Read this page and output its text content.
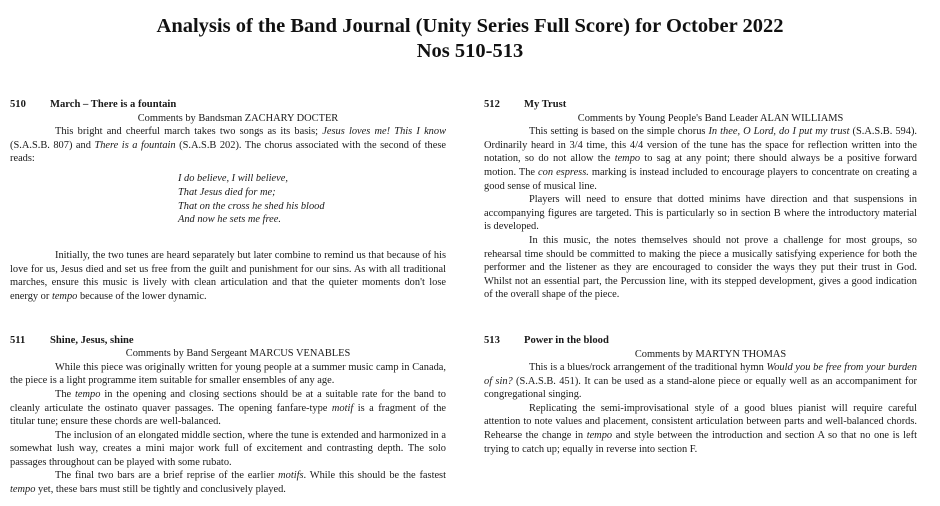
Analysis of the Band Journal (Unity Series Full Score) for October 2022
Nos 510-513
510 March – There is a fountain
Comments by Bandsman ZACHARY DOCTER

This bright and cheerful march takes two songs as its basis; Jesus loves me! This I know (S.A.S.B. 807) and There is a fountain (S.A.S.B 202). The chorus associated with the second of these reads:

I do believe, I will believe,
That Jesus died for me;
That on the cross he shed his blood
And now he sets me free.

Initially, the two tunes are heard separately but later combine to remind us that because of his love for us, Jesus died and set us free from the guilt and punishment for our sins. As with all traditional marches, ensure this music is lively with clean articulation and that the quieter moments don't lose energy or tempo because of the lower dynamic.

511 Shine, Jesus, shine
Comments by Band Sergeant MARCUS VENABLES

While this piece was originally written for young people at a summer music camp in Canada, the piece is a light programme item suitable for smaller ensembles of any age.

The tempo in the opening and closing sections should be at a suitable rate for the band to cleanly articulate the ostinato quaver passages. The opening fanfare-type motif is a fragment of the titular tune; ensure these chords are well-balanced.

The inclusion of an elongated middle section, where the tune is extended and harmonized in a somewhat lush way, creates a mini major work full of excitement and contrasting depth. The solo passages throughout can be played with some rubato.

The final two bars are a brief reprise of the earlier motifs. While this should be the fastest tempo yet, these bars must still be tightly and conclusively played.

512 My Trust
Comments by Young People's Band Leader ALAN WILLIAMS

This setting is based on the simple chorus In thee, O Lord, do I put my trust (S.A.S.B. 594). Ordinarily heard in 3/4 time, this 4/4 version of the tune has the space for reflection written into the notation, so do not allow the tempo to sag at any point; there should always be a positive forward motion. The con espress. marking is instead included to encourage players to concentrate on creating a good sense of musical line.

Players will need to ensure that dotted minims have direction and that suspensions in accompanying figures are targeted. This is particularly so in section B where the introductory material is developed.

In this music, the notes themselves should not prove a challenge for most groups, so rehearsal time should be committed to making the piece a musically satisfying experience for both the performer and the listener as they are encouraged to consider the ways they put their trust in God. Whilst not an essential part, the Percussion line, with its stepped development, gives a good indication of the overall shape of the piece.

513 Power in the blood
Comments by MARTYN THOMAS

This is a blues/rock arrangement of the traditional hymn Would you be free from your burden of sin? (S.A.S.B. 451). It can be used as a stand-alone piece or equally well as an accompaniment for congregational singing.

Replicating the semi-improvisational style of a good blues pianist will require careful attention to note values and placement, consistent articulation between parts and well-balanced chords. Rehearse the change in tempo and style between the introduction and section A so that no one is left trying to catch up; equally in reverse into section F.
